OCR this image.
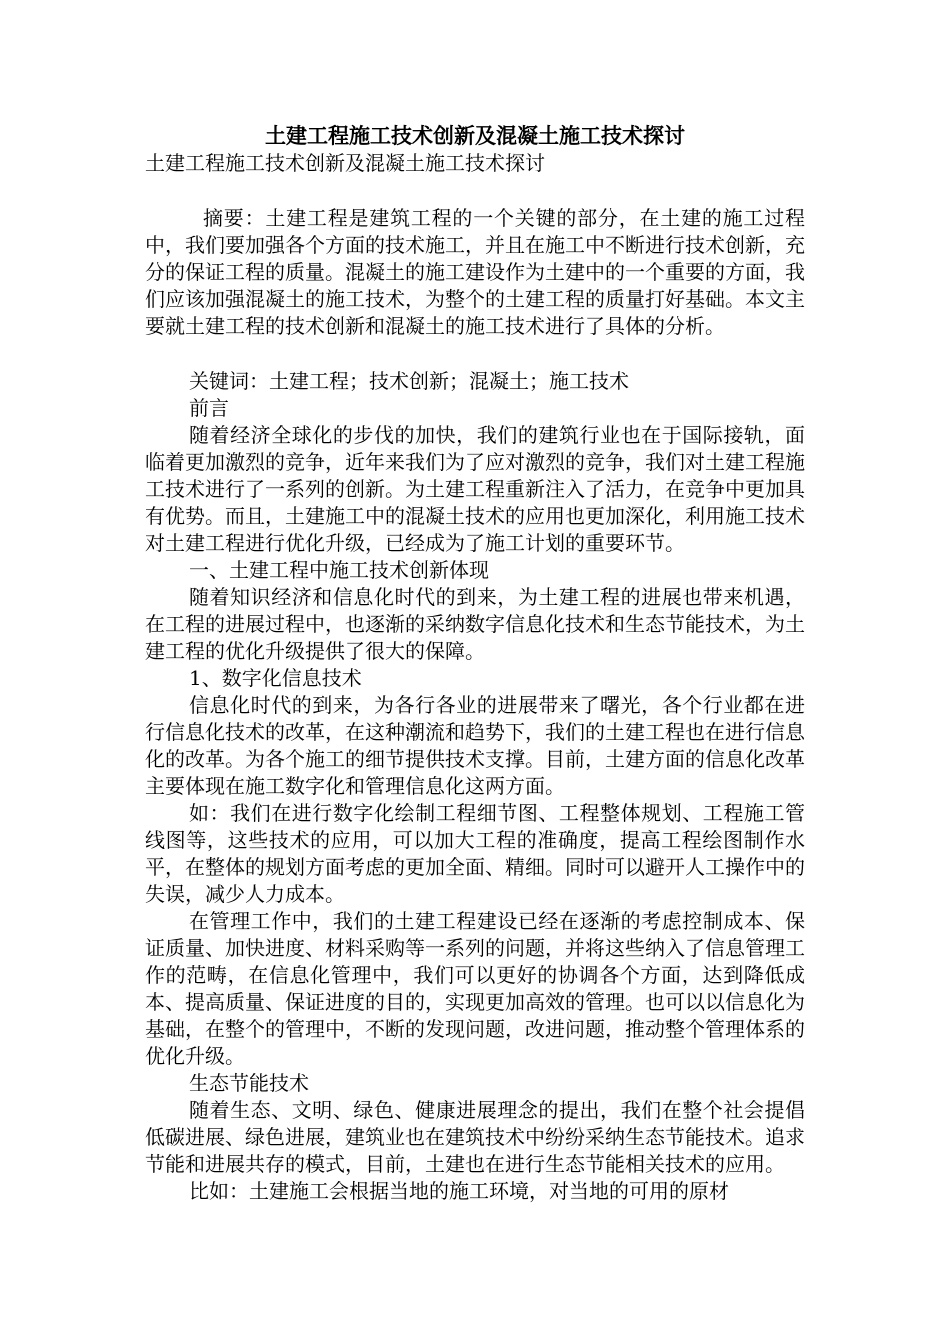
土建工程施工技术创新及混凝土施工技术探讨

土建工程施工技术创新及混凝土施工技术探讨

摘要：土建工程是建筑工程的一个关键的部分，在土建的施工过程中，我们要加强各个方面的技术施工，并且在施工中不断进行技术创新，充分的保证工程的质量。混凝土的施工建设作为土建中的一个重要的方面，我们应该加强混凝土的施工技术，为整个的土建工程的质量打好基础。本文主要就土建工程的技术创新和混凝土的施工技术进行了具体的分析。

关键词：土建工程；技术创新；混凝土；施工技术

前言

随着经济全球化的步伐的加快，我们的建筑行业也在于国际接轨，面临着更加激烈的竞争，近年来我们为了应对激烈的竞争，我们对土建工程施工技术进行了一系列的创新。为土建工程重新注入了活力，在竞争中更加具有优势。而且，土建施工中的混凝土技术的应用也更加深化，利用施工技术对土建工程进行优化升级，已经成为了施工计划的重要环节。

一、土建工程中施工技术创新体现

随着知识经济和信息化时代的到来，为土建工程的进展也带来机遇，在工程的进展过程中，也逐渐的采纳数字信息化技术和生态节能技术，为土建工程的优化升级提供了很大的保障。

1、数字化信息技术

信息化时代的到来，为各行各业的进展带来了曙光，各个行业都在进行信息化技术的改革，在这种潮流和趋势下，我们的土建工程也在进行信息化的改革。为各个施工的细节提供技术支撑。目前，土建方面的信息化改革主要体现在施工数字化和管理信息化这两方面。

如：我们在进行数字化绘制工程细节图、工程整体规划、工程施工管线图等，这些技术的应用，可以加大工程的准确度，提高工程绘图制作水平，在整体的规划方面考虑的更加全面、精细。同时可以避开人工操作中的失误，减少人力成本。

在管理工作中，我们的土建工程建设已经在逐渐的考虑控制成本、保证质量、加快进度、材料采购等一系列的问题，并将这些纳入了信息管理工作的范畴，在信息化管理中，我们可以更好的协调各个方面，达到降低成本、提高质量、保证进度的目的，实现更加高效的管理。也可以以信息化为基础，在整个的管理中，不断的发现问题，改进问题，推动整个管理体系的优化升级。

生态节能技术

随着生态、文明、绿色、健康进展理念的提出，我们在整个社会提倡低碳进展、绿色进展，建筑业也在建筑技术中纷纷采纳生态节能技术。追求节能和进展共存的模式，目前，土建也在进行生态节能相关技术的应用。

比如：土建施工会根据当地的施工环境，对当地的可用的原材
